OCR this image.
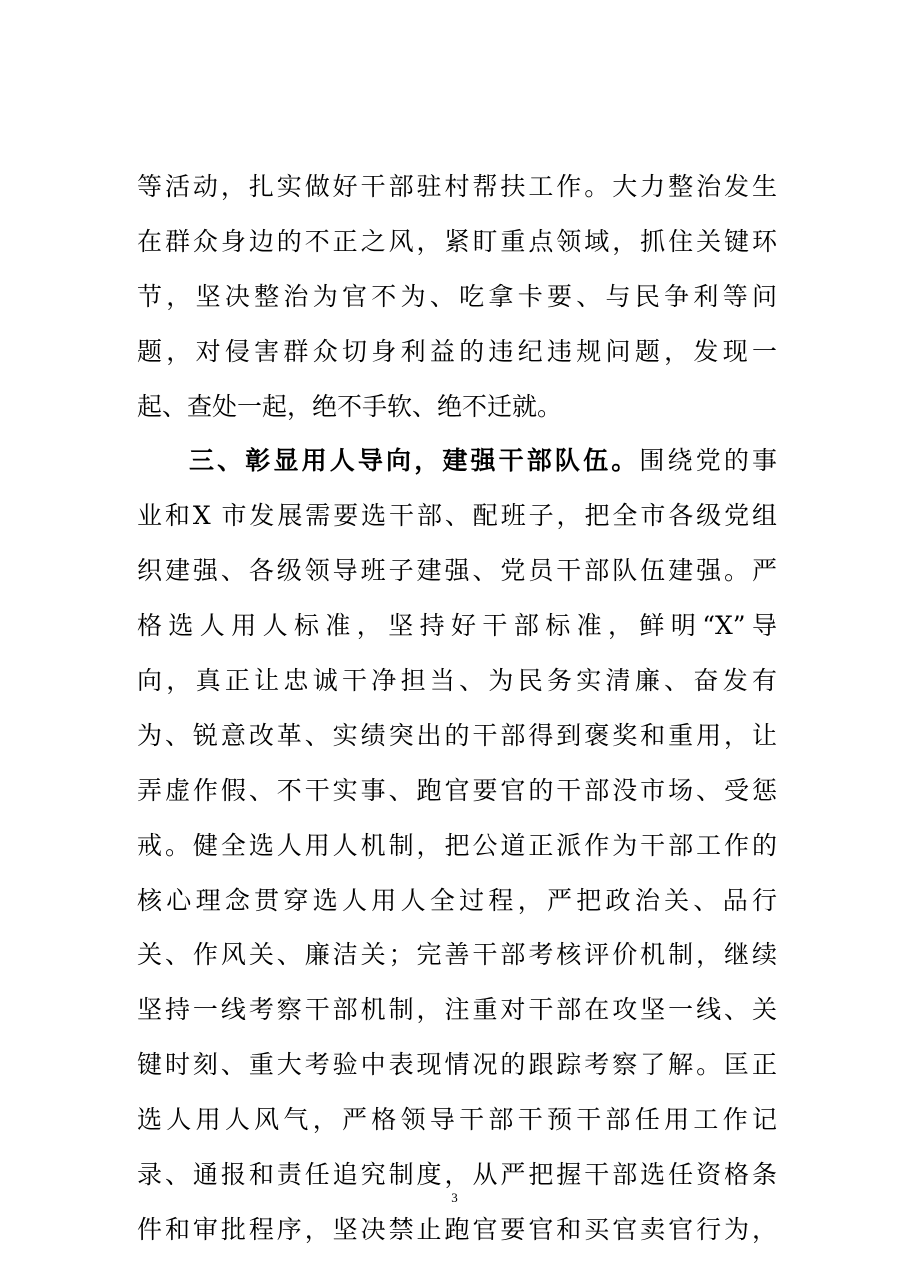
等活动，扎实做好干部驻村帮扶工作。大力整治发生
在群众身边的不正之风，紧盯重点领域，抓住关键环
节，坚决整治为官不为、吃拿卡要、与民争利等问
题，对侵害群众切身利益的违纪违规问题，发现一
起、查处一起，绝不手软、绝不迁就。
三、彰显用人导向，建强干部队伍。围绕党的事
业和X 市发展需要选干部、配班子，把全市各级党组
织建强、各级领导班子建强、党员干部队伍建强。严
格选人用人标准，坚持好干部标准，鲜明“X”导
向，真正让忠诚干净担当、为民务实清廉、奋发有
为、锐意改革、实绩突出的干部得到褒奖和重用，让
弄虚作假、不干实事、跑官要官的干部没市场、受惩
戒。健全选人用人机制，把公道正派作为干部工作的
核心理念贯穿选人用人全过程，严把政治关、品行
关、作风关、廉洁关；完善干部考核评价机制，继续
坚持一线考察干部机制，注重对干部在攻坚一线、关
键时刻、重大考验中表现情况的跟踪考察了解。匡正
选人用人风气，严格领导干部干预干部任用工作记
录、通报和责任追究制度，从严把握干部选任资格条
件和审批程序，坚决禁止跑官要官和买官卖官行为，
3
